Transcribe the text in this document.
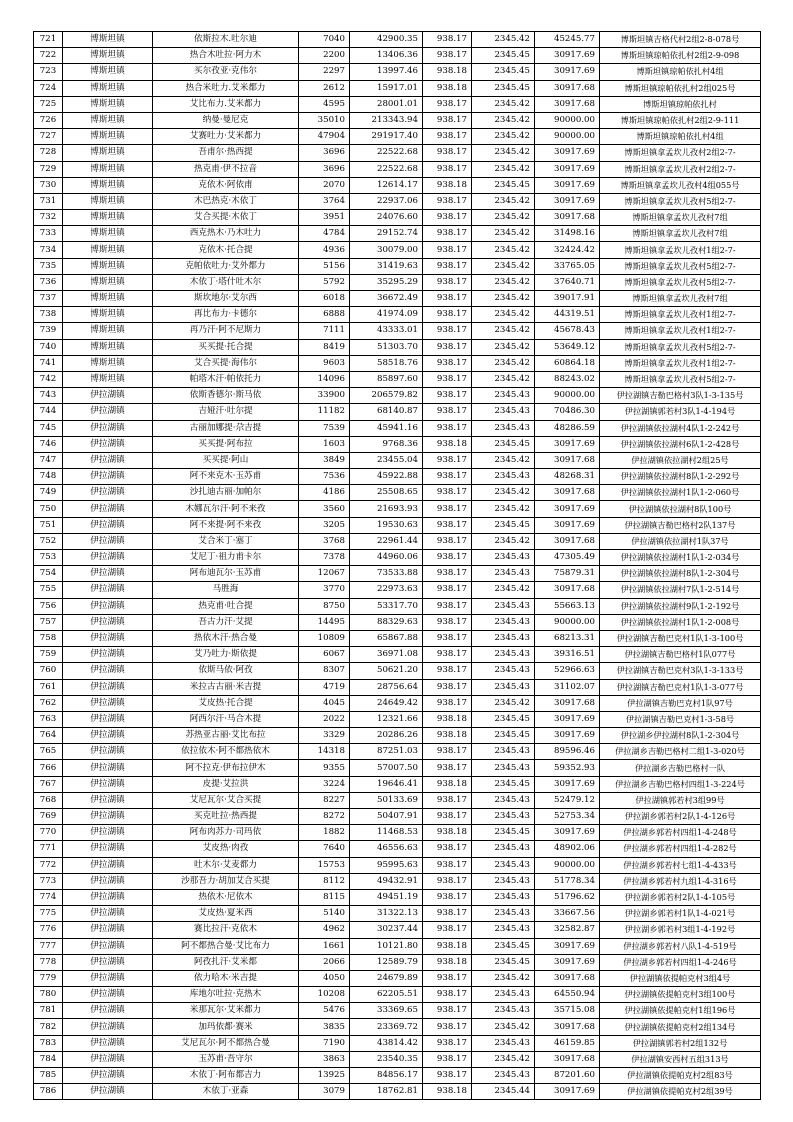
721	博斯坦镇	依斯拉木.吐尔迪	7040	42900.35	938.17	2345.42	45245.77	博斯坦镇吉格代村2组2-8-078号
722	博斯坦镇	热合木吐拉·阿力木	2200	13406.36	938.17	2345.45	30917.69	博斯坦镇琼帕依扎村2组2-9-098
723	博斯坦镇	买尔孜亚·克伟尔	2297	13997.46	938.18	2345.45	30917.69	博斯坦镇琼帕依扎村4组
724	博斯坦镇	热合米吐力.艾米都力	2612	15917.01	938.18	2345.45	30917.68	博斯坦镇琼帕依扎村2组025号
725	博斯坦镇	艾比布力.艾米都力	4595	28001.01	938.17	2345.42	30917.68	博斯坦镇琼帕依扎村
726	博斯坦镇	纳曼·曼尼克	35010	213343.94	938.17	2345.42	90000.00	博斯坦镇琼帕依扎村2组2-9-111
727	博斯坦镇	艾赛吐力·艾米都力	47904	291917.40	938.17	2345.42	90000.00	博斯坦镇琼帕依扎村4组
728	博斯坦镇	吾甫尔·热西提	3696	22522.68	938.17	2345.42	30917.69	博斯坦镇拿孟坎儿孜村2组2-7-
729	博斯坦镇	热克甫·伊不拉音	3696	22522.68	938.17	2345.42	30917.69	博斯坦镇拿孟坎儿孜村2组2-7-
730	博斯坦镇	克依木·阿依甫	2070	12614.17	938.18	2345.45	30917.69	博斯坦镇拿孟坎儿孜村4组055号
731	博斯坦镇	木巴热克·木依丁	3764	22937.06	938.17	2345.42	30917.69	博斯坦镇拿孟坎儿孜村5组2-7-
732	博斯坦镇	艾合买提·木依丁	3951	24076.60	938.17	2345.42	30917.68	博斯坦镇拿孟坎儿孜村7组
733	博斯坦镇	西克热木·乃木吐力	4784	29152.74	938.17	2345.42	31498.16	博斯坦镇拿孟坎儿孜村7组
734	博斯坦镇	克依木·托合提	4936	30079.00	938.17	2345.42	32424.42	博斯坦镇拿孟坎儿孜村1组2-7-
735	博斯坦镇	克帕依吐力·艾外都力	5156	31419.63	938.17	2345.42	33765.05	博斯坦镇拿孟坎儿孜村5组2-7-
736	博斯坦镇	木依丁·塔什吐木尔	5792	35295.29	938.17	2345.42	37640.71	博斯坦镇拿孟坎儿孜村5组2-7-
737	博斯坦镇	斯坎地尔·艾尔西	6018	36672.49	938.17	2345.42	39017.91	博斯坦镇拿孟坎儿孜村7组
738	博斯坦镇	再比布力·卡德尔	6888	41974.09	938.17	2345.42	44319.51	博斯坦镇拿孟坎儿孜村1组2-7-
739	博斯坦镇	再乃汗·阿不尼斯力	7111	43333.01	938.17	2345.42	45678.43	博斯坦镇拿孟坎儿孜村1组2-7-
740	博斯坦镇	买买提·托合提	8419	51303.70	938.17	2345.42	53649.12	博斯坦镇拿孟坎儿孜村5组2-7-
741	博斯坦镇	艾合买提·海伟尔	9603	58518.76	938.17	2345.42	60864.18	博斯坦镇拿孟坎儿孜村1组2-7-
742	博斯坦镇	帕塔木汗·帕依托力	14096	85897.60	938.17	2345.42	88243.02	博斯坦镇拿孟坎儿孜村5组2-7-
743	伊拉湖镇	依斯香德尔·斯马依	33900	206579.82	938.17	2345.43	90000.00	伊拉湖镇吉勒巴格村3队1-3-135号
744	伊拉湖镇	吉娅汗·吐尔提	11182	68140.87	938.17	2345.43	70486.30	伊拉湖镇郭若村3队1-4-194号
745	伊拉湖镇	古丽加娜提·尕吉提	7539	45941.16	938.17	2345.43	48286.59	伊拉湖镇依拉湖村4队1-2-242号
746	伊拉湖镇	买买提·阿布拉	1603	9768.36	938.18	2345.45	30917.69	伊拉湖镇依拉湖村6队1-2-428号
747	伊拉湖镇	买买提·阿山	3849	23455.04	938.17	2345.42	30917.68	伊拉湖镇依拉湖村2组25号
748	伊拉湖镇	阿不来克木·玉苏甫	7536	45922.88	938.17	2345.43	48268.31	伊拉湖镇依拉湖村8队1-2-292号
749	伊拉湖镇	沙扎迪古丽·加帕尔	4186	25508.65	938.17	2345.42	30917.68	伊拉湖镇依拉湖村1队1-2-060号
750	伊拉湖镇	木娜瓦尔汗·阿不来孜	3560	21693.93	938.17	2345.42	30917.69	伊拉湖镇依拉湖村8队100号
751	伊拉湖镇	阿不来提·阿不来孜	3205	19530.63	938.17	2345.45	30917.69	伊拉湖镇吉勒巴格村2队137号
752	伊拉湖镇	艾合米丁·塞丁	3768	22961.44	938.17	2345.42	30917.68	伊拉湖镇依拉湖村1队37号
753	伊拉湖镇	艾尼丁·祖力甫卡尔	7378	44960.06	938.17	2345.43	47305.49	伊拉湖镇依拉湖村1队1-2-034号
754	伊拉湖镇	阿布迪瓦尔·玉苏甫	12067	73533.88	938.17	2345.43	75879.31	伊拉湖镇依拉湖村8队1-2-304号
755	伊拉湖镇	马胜海	3770	22973.63	938.17	2345.42	30917.68	伊拉湖镇依拉湖村7队1-2-514号
756	伊拉湖镇	热克甫·吐合提	8750	53317.70	938.17	2345.43	55663.13	伊拉湖镇依拉湖村9队1-2-192号
757	伊拉湖镇	吾古力汗·艾提	14495	88329.63	938.17	2345.43	90000.00	伊拉湖镇依拉湖村1队1-2-008号
758	伊拉湖镇	热依木汗·热合曼	10809	65867.88	938.17	2345.43	68213.31	伊拉湖镇吉勒巴克村1队1-3-100号
759	伊拉湖镇	艾乃吐力·斯依提	6067	36971.08	938.17	2345.43	39316.51	伊拉湖镇吉勒巴格村1队077号
760	伊拉湖镇	依斯马依·阿孜	8307	50621.20	938.17	2345.43	52966.63	伊拉湖镇吉勒巴克村3队1-3-133号
761	伊拉湖镇	米拉古古丽·米吉提	4719	28756.64	938.17	2345.43	31102.07	伊拉湖镇吉勒巴克村1队1-3-077号
762	伊拉湖镇	艾皮热·托合提	4045	24649.42	938.17	2345.42	30917.68	伊拉湖镇吉勒巴克村1队97号
763	伊拉湖镇	阿西尔汗·马合木提	2022	12321.66	938.18	2345.45	30917.69	伊拉湖镇吉勒巴克村1-3-58号
764	伊拉湖镇	苏热亚古丽·艾比布拉	3329	20286.26	938.18	2345.45	30917.69	伊拉湖乡伊拉湖村8队1-2-304号
765	伊拉湖镇	依拉依木·阿不都热依木	14318	87251.03	938.17	2345.43	89596.46	伊拉湖乡吉勒巴格村二组1-3-020号
766	伊拉湖镇	阿不拉克·伊布拉伊木	9355	57007.50	938.17	2345.43	59352.93	伊拉湖乡吉勒巴格村一队
767	伊拉湖镇	皮提·艾拉洪	3224	19646.41	938.18	2345.45	30917.69	伊拉湖乡吉勒巴格村四组1-3-224号
768	伊拉湖镇	艾尼瓦尔·艾合买提	8227	50133.69	938.17	2345.43	52479.12	伊拉湖镇郭若村3组99号
769	伊拉湖镇	买克吐拉·热西提	8272	50407.91	938.17	2345.43	52753.34	伊拉湖乡郭若村2队1-4-126号
770	伊拉湖镇	阿布肉苏力·司玛依	1882	11468.53	938.18	2345.45	30917.69	伊拉湖乡郭若村四组1-4-248号
771	伊拉湖镇	艾皮热·肉孜	7640	46556.63	938.17	2345.43	48902.06	伊拉湖乡郭若村四组1-4-282号
772	伊拉湖镇	吐木尔·艾麦都力	15753	95995.63	938.17	2345.43	90000.00	伊拉湖乡郭若村七组1-4-433号
773	伊拉湖镇	沙那吾力·胡加艾合买提	8112	49432.91	938.17	2345.43	51778.34	伊拉湖乡郭若村九组1-4-316号
774	伊拉湖镇	热依木·尼依木	8115	49451.19	938.17	2345.43	51796.62	伊拉湖乡郭若村2队1-4-105号
775	伊拉湖镇	艾皮热·夏米西	5140	31322.13	938.17	2345.43	33667.56	伊拉湖乡郭若村1队1-4-021号
776	伊拉湖镇	赛比拉汗·克依木	4962	30237.44	938.17	2345.43	32582.87	伊拉湖乡郭若村3组1-4-192号
777	伊拉湖镇	阿不都热合曼·艾比布力	1661	10121.80	938.18	2345.45	30917.69	伊拉湖乡郭若村八队1-4-519号
778	伊拉湖镇	阿孜扎汗·艾米都	2066	12589.79	938.18	2345.45	30917.69	伊拉湖乡郭若村四组1-4-246号
779	伊拉湖镇	依力哈木·米吉提	4050	24679.89	938.17	2345.42	30917.68	伊拉湖镇依提帕克村3组4号
780	伊拉湖镇	库地尔吐拉·克热木	10208	62205.51	938.17	2345.43	64550.94	伊拉湖镇依提帕克村3组100号
781	伊拉湖镇	米那瓦尔·艾米都力	5476	33369.65	938.17	2345.43	35715.08	伊拉湖镇依提帕克村1组196号
782	伊拉湖镇	加玛依都·赛米	3835	23369.72	938.17	2345.42	30917.68	伊拉湖镇依提帕克村2组134号
783	伊拉湖镇	艾尼瓦尔·阿不都热合曼	7190	43814.42	938.17	2345.43	46159.85	伊拉湖镇郭若村2组132号
784	伊拉湖镇	玉苏甫·吾守尔	3863	23540.35	938.17	2345.42	30917.68	伊拉湖镇安西村五组313号
785	伊拉湖镇	木依丁·阿布都吉力	13925	84856.17	938.17	2345.43	87201.60	伊拉湖镇依提帕克村2组83号
786	伊拉湖镇	木依丁·亚森	3079	18762.81	938.18	2345.44	30917.69	伊拉湖镇依提帕克村2组39号
